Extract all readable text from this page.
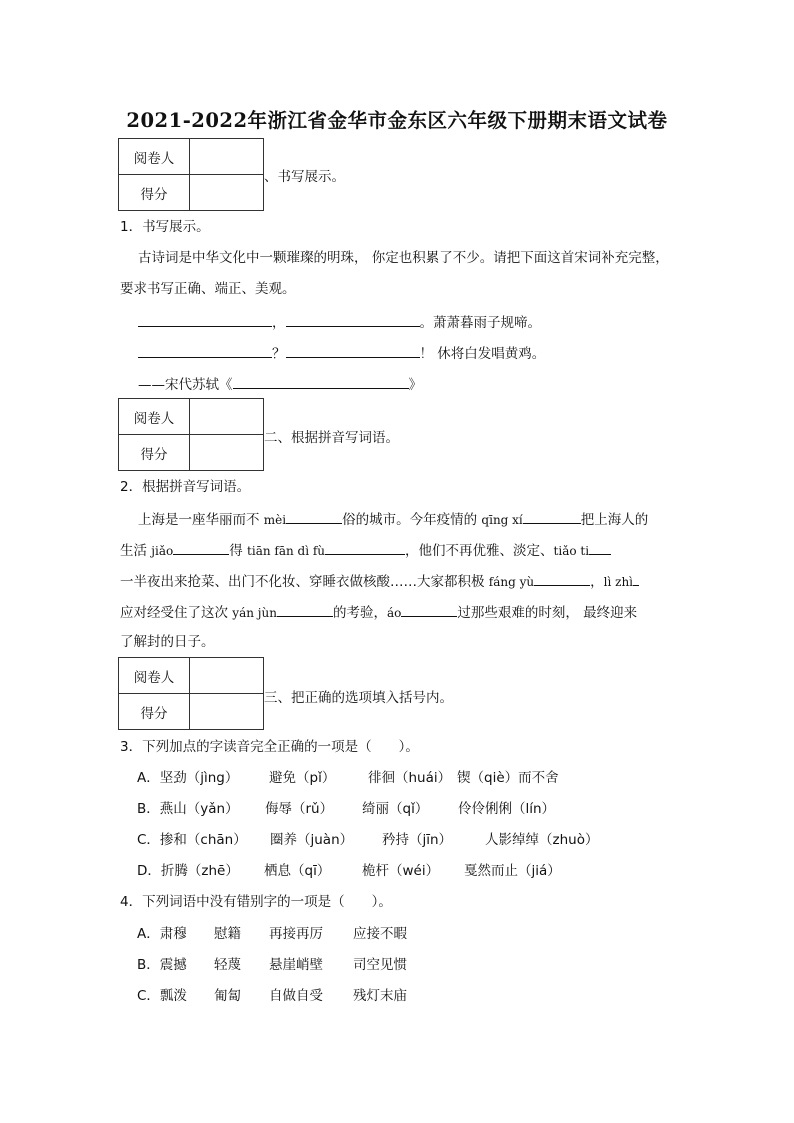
2021-2022年浙江省金华市金东区六年级下册期末语文试卷
阅卷人	
得分	
、书写展示。
1．书写展示。
古诗词是中华文化中一颗璀璨的明珠， 你定也积累了不少。请把下面这首宋词补充完整，
要求书写正确、端正、美观。
，	。萧萧暮雨子规啼。
？	！ 休将白发唱黄鸡。
——宋代苏轼《	》
阅卷人	
得分	
二、根据拼音写词语。
2．根据拼音写词语。
上海是一座华丽而不 mèi	俗的城市。今年疫情的 qīng xí	把上海人的
生活 jiǎo	得 tiān fān dì fù	，他们不再优雅、淡定、tiǎo ti
一半夜出来抢菜、出门不化妆、穿睡衣做核酸……大家都积极 fáng yù	，lì zhì
应对经受住了这次 yán jùn	的考验，áo	过那些艰难的时刻， 最终迎来
了解封的日子。
阅卷人	
得分	
三、把正确的选项填入括号内。
3．下列加点的字读音完全正确的一项是（　　）。
A．坚劲（jìng） 避免（pǐ） 徘徊（huái） 锲（qiè）而不舍
B．燕山（yǎn） 侮辱（rǔ） 绮丽（qǐ） 伶伶俐俐（lín）
C．掺和（chān） 圈养（juàn） 矜持（jīn） 人影绰绰（zhuò）
D．折腾（zhē） 栖息（qī） 桅杆（wéi） 戛然而止（jiá）
4．下列词语中没有错别字的一项是（　　）。
A．肃穆 慰籍 再接再厉 应接不暇
B．震撼 轻蔑 悬崖峭壁 司空见惯
C．瓢泼 匍匐 自做自受 残灯末庙
